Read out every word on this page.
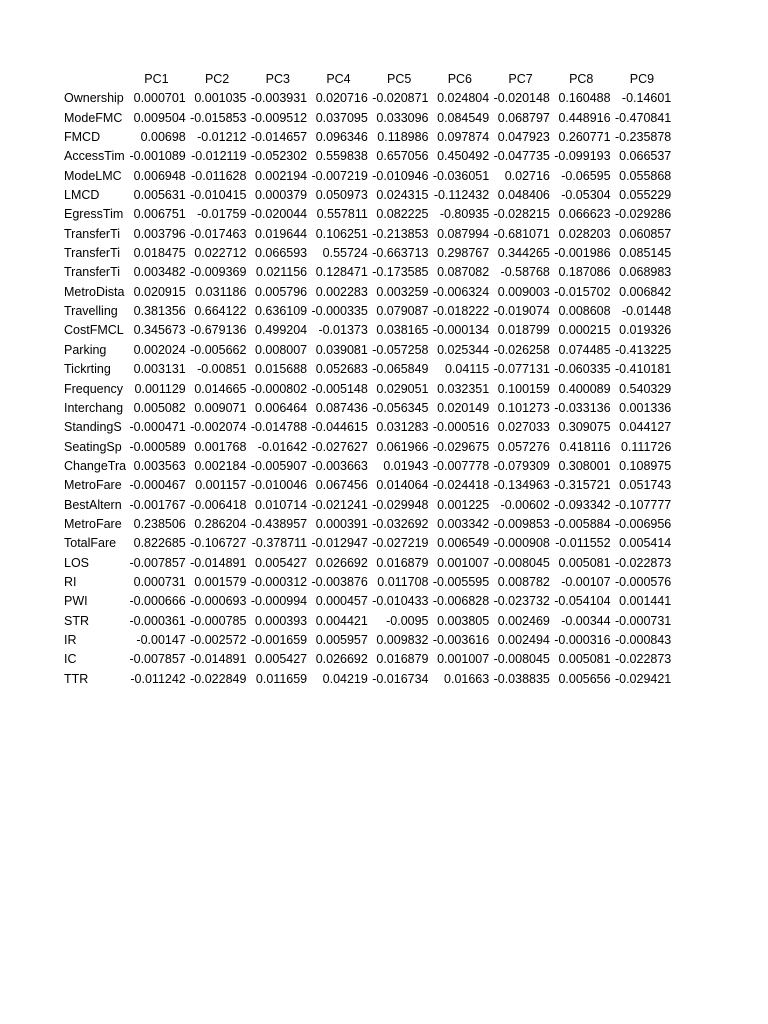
	PC1	PC2	PC3	PC4	PC5	PC6	PC7	PC8	PC9
Ownership	0.000701	0.001035	-0.003931	0.020716	-0.020871	0.024804	-0.020148	0.160488	-0.14601
ModeFMC	0.009504	-0.015853	-0.009512	0.037095	0.033096	0.084549	0.068797	0.448916	-0.470841
FMCD	0.00698	-0.01212	-0.014657	0.096346	0.118986	0.097874	0.047923	0.260771	-0.235878
AccessTim	-0.001089	-0.012119	-0.052302	0.559838	0.657056	0.450492	-0.047735	-0.099193	0.066537
ModeLMC	0.006948	-0.011628	0.002194	-0.007219	-0.010946	-0.036051	0.02716	-0.06595	0.055868
LMCD	0.005631	-0.010415	0.000379	0.050973	0.024315	-0.112432	0.048406	-0.05304	0.055229
EgressTim	0.006751	-0.01759	-0.020044	0.557811	0.082225	-0.80935	-0.028215	0.066623	-0.029286
TransferTi	0.003796	-0.017463	0.019644	0.106251	-0.213853	0.087994	-0.681071	0.028203	0.060857
TransferTi	0.018475	0.022712	0.066593	0.55724	-0.663713	0.298767	0.344265	-0.001986	0.085145
TransferTi	0.003482	-0.009369	0.021156	0.128471	-0.173585	0.087082	-0.58768	0.187086	0.068983
MetroDista	0.020915	0.031186	0.005796	0.002283	0.003259	-0.006324	0.009003	-0.015702	0.006842
Travelling	0.381356	0.664122	0.636109	-0.000335	0.079087	-0.018222	-0.019074	0.008608	-0.01448
CostFMCL	0.345673	-0.679136	0.499204	-0.01373	0.038165	-0.000134	0.018799	0.000215	0.019326
Parking	0.002024	-0.005662	0.008007	0.039081	-0.057258	0.025344	-0.026258	0.074485	-0.413225
Tickrting	0.003131	-0.00851	0.015688	0.052683	-0.065849	0.04115	-0.077131	-0.060335	-0.410181
Frequency	0.001129	0.014665	-0.000802	-0.005148	0.029051	0.032351	0.100159	0.400089	0.540329
Interchang	0.005082	0.009071	0.006464	0.087436	-0.056345	0.020149	0.101273	-0.033136	0.001336
StandingS	-0.000471	-0.002074	-0.014788	-0.044615	0.031283	-0.000516	0.027033	0.309075	0.044127
SeatingSp	-0.000589	0.001768	-0.01642	-0.027627	0.061966	-0.029675	0.057276	0.418116	0.111726
ChangeTra	0.003563	0.002184	-0.005907	-0.003663	0.01943	-0.007778	-0.079309	0.308001	0.108975
MetroFare	-0.000467	0.001157	-0.010046	0.067456	0.014064	-0.024418	-0.134963	-0.315721	0.051743
BestAltern	-0.001767	-0.006418	0.010714	-0.021241	-0.029948	0.001225	-0.00602	-0.093342	-0.107777
MetroFare	0.238506	0.286204	-0.438957	0.000391	-0.032692	0.003342	-0.009853	-0.005884	-0.006956
TotalFare	0.822685	-0.106727	-0.378711	-0.012947	-0.027219	0.006549	-0.000908	-0.011552	0.005414
LOS	-0.007857	-0.014891	0.005427	0.026692	0.016879	0.001007	-0.008045	0.005081	-0.022873
RI	0.000731	0.001579	-0.000312	-0.003876	0.011708	-0.005595	0.008782	-0.00107	-0.000576
PWI	-0.000666	-0.000693	-0.000994	0.000457	-0.010433	-0.006828	-0.023732	-0.054104	0.001441
STR	-0.000361	-0.000785	0.000393	0.004421	-0.0095	0.003805	0.002469	-0.00344	-0.000731
IR	-0.00147	-0.002572	-0.001659	0.005957	0.009832	-0.003616	0.002494	-0.000316	-0.000843
IC	-0.007857	-0.014891	0.005427	0.026692	0.016879	0.001007	-0.008045	0.005081	-0.022873
TTR	-0.011242	-0.022849	0.011659	0.04219	-0.016734	0.01663	-0.038835	0.005656	-0.029421
